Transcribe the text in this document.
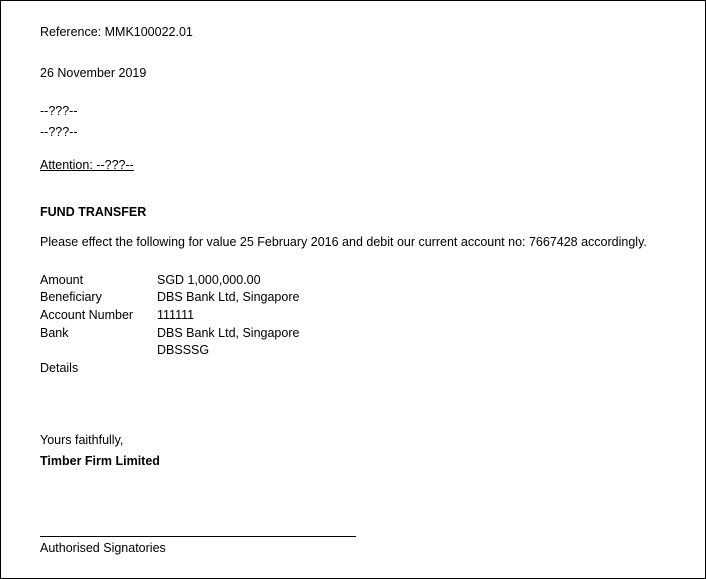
Reference: MMK100022.01
26 November 2019
--???--
--???--
Attention: --???--
FUND TRANSFER
Please effect the following for value 25 February 2016 and debit our current account no: 7667428 accordingly.
Amount	SGD 1,000,000.00
Beneficiary	DBS Bank Ltd, Singapore
Account Number 111111
Bank	DBS Bank Ltd, Singapore
DBSSSG
Details
Yours faithfully,
Timber Firm Limited
Authorised Signatories
